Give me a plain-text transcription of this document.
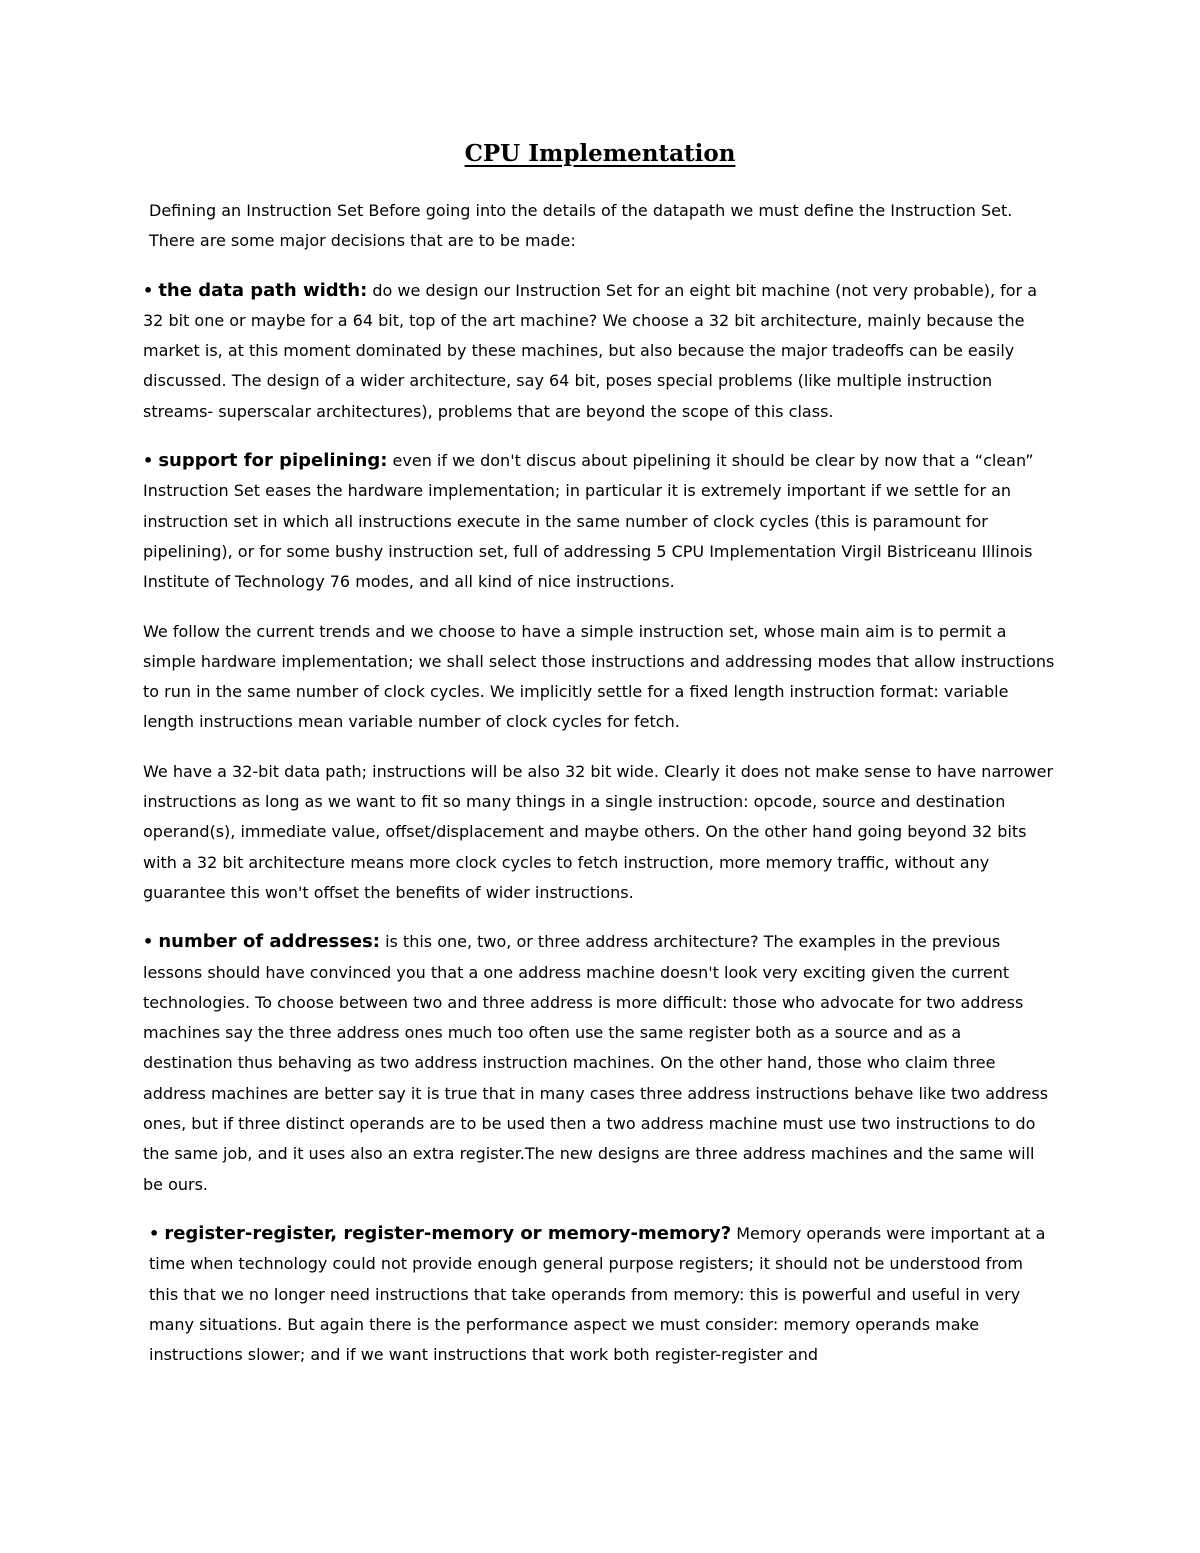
CPU Implementation

Defining an Instruction Set Before going into the details of the datapath we must define the Instruction Set. There are some major decisions that are to be made:

• the data path width: do we design our Instruction Set for an eight bit machine (not very probable), for a 32 bit one or maybe for a 64 bit, top of the art machine? We choose a 32 bit architecture, mainly because the market is, at this moment dominated by these machines, but also because the major tradeoffs can be easily discussed. The design of a wider architecture, say 64 bit, poses special problems (like multiple instruction streams- superscalar architectures), problems that are beyond the scope of this class.

• support for pipelining: even if we don't discus about pipelining it should be clear by now that a “clean” Instruction Set eases the hardware implementation; in particular it is extremely important if we settle for an instruction set in which all instructions execute in the same number of clock cycles (this is paramount for pipelining), or for some bushy instruction set, full of addressing 5 CPU Implementation Virgil Bistriceanu Illinois Institute of Technology 76 modes, and all kind of nice instructions.

We follow the current trends and we choose to have a simple instruction set, whose main aim is to permit a simple hardware implementation; we shall select those instructions and addressing modes that allow instructions to run in the same number of clock cycles. We implicitly settle for a fixed length instruction format: variable length instructions mean variable number of clock cycles for fetch.

We have a 32-bit data path; instructions will be also 32 bit wide. Clearly it does not make sense to have narrower instructions as long as we want to fit so many things in a single instruction: opcode, source and destination operand(s), immediate value, offset/displacement and maybe others. On the other hand going beyond 32 bits with a 32 bit architecture means more clock cycles to fetch instruction, more memory traffic, without any guarantee this won't offset the benefits of wider instructions.

• number of addresses: is this one, two, or three address architecture? The examples in the previous lessons should have convinced you that a one address machine doesn't look very exciting given the current technologies. To choose between two and three address is more difficult: those who advocate for two address machines say the three address ones much too often use the same register both as a source and as a destination thus behaving as two address instruction machines. On the other hand, those who claim three address machines are better say it is true that in many cases three address instructions behave like two address ones, but if three distinct operands are to be used then a two address machine must use two instructions to do the same job, and it uses also an extra register.The new designs are three address machines and the same will be ours.

• register-register, register-memory or memory-memory? Memory operands were important at a time when technology could not provide enough general purpose registers; it should not be understood from this that we no longer need instructions that take operands from memory: this is powerful and useful in very many situations. But again there is the performance aspect we must consider: memory operands make instructions slower; and if we want instructions that work both register-register and
